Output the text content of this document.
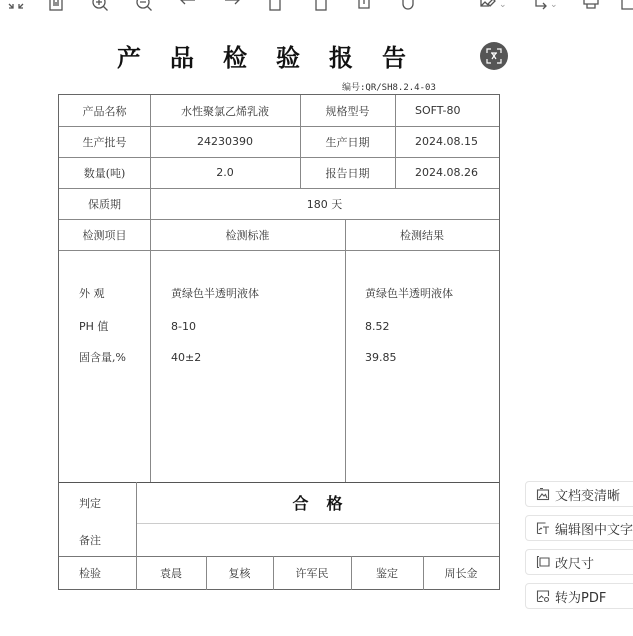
⌄	⌄
产品检验报告
编号:QR/SH8.2.4-03
产品名称	水性聚氯乙烯乳液	规格型号	SOFT-80
生产批号	24230390	生产日期	2024.08.15
数量(吨)	2.0	报告日期	2024.08.26
保质期	180 天
检测项目	检测标准	检测结果
外 观	黄绿色半透明液体	黄绿色半透明液体
PH 值	8-10	8.52
固含量,%	40±2	39.85
判定	合格
备注
检验	袁晨	复核	许军民	鉴定	周长金
文档变清晰
编辑图中文字
改尺寸
转为PDF
